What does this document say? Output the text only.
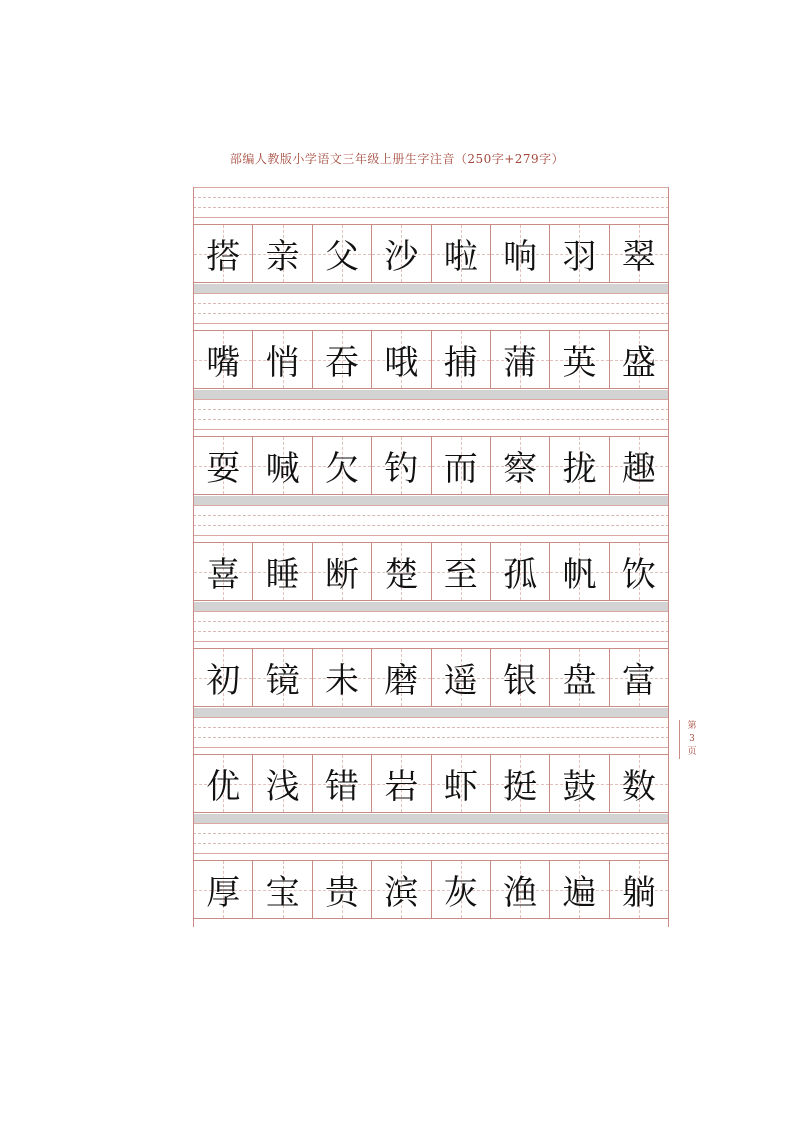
部编人教版小学语文三年级上册生字注音（250字+279字）
搭 亲 父 沙 啦 响 羽 翠
嘴 悄 吞 哦 捕 蒲 英 盛
耍 喊 欠 钓 而 察 拢 趣
喜 睡 断 楚 至 孤 帆 饮
初 镜 未 磨 遥 银 盘 富
优 浅 错 岩 虾 挺 鼓 数
厚 宝 贵 滨 灰 渔 遍 躺
第
3
页
